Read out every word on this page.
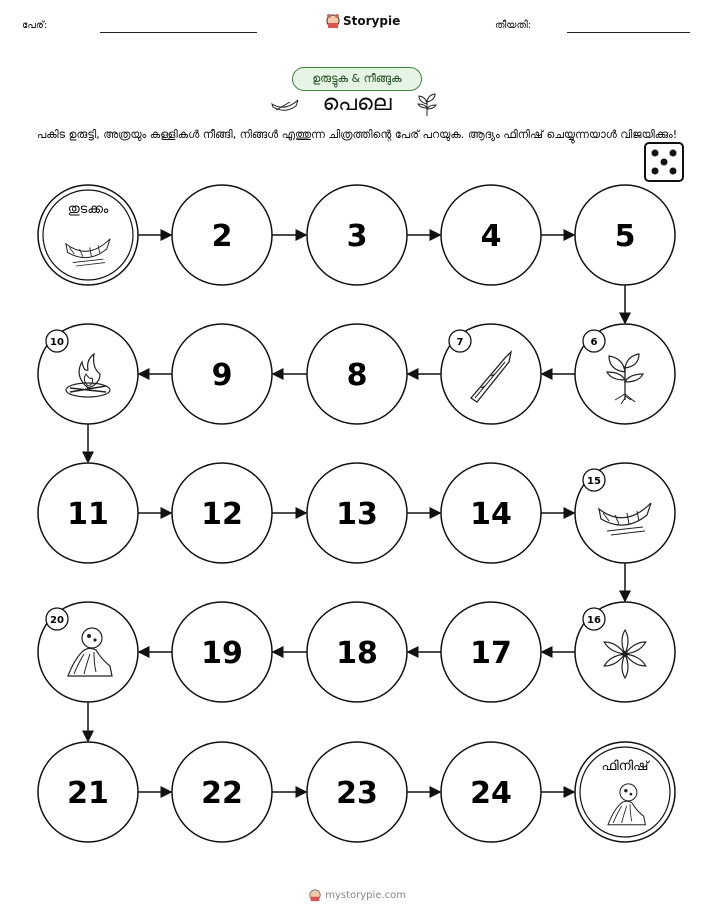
പേര്:	Storypie	തീയതി:
ഉരുട്ടുക & നീങ്ങുക
പെലെ
പകിട ഉരുട്ടി, അത്രയും കള്ളികൾ നീങ്ങി, നിങ്ങൾ എത്തുന്ന ചിത്രത്തിന്റെ പേര് പറയുക. ആദ്യം ഫിനിഷ് ചെയ്യുന്നയാൾ വിജയിക്കും!
തുടക്കം
2	3	4	5
6
7
8
9
10
11	12	13	14
15
16
17
18
19
20
21	22	23	24
ഫിനിഷ്
mystorypie.com
